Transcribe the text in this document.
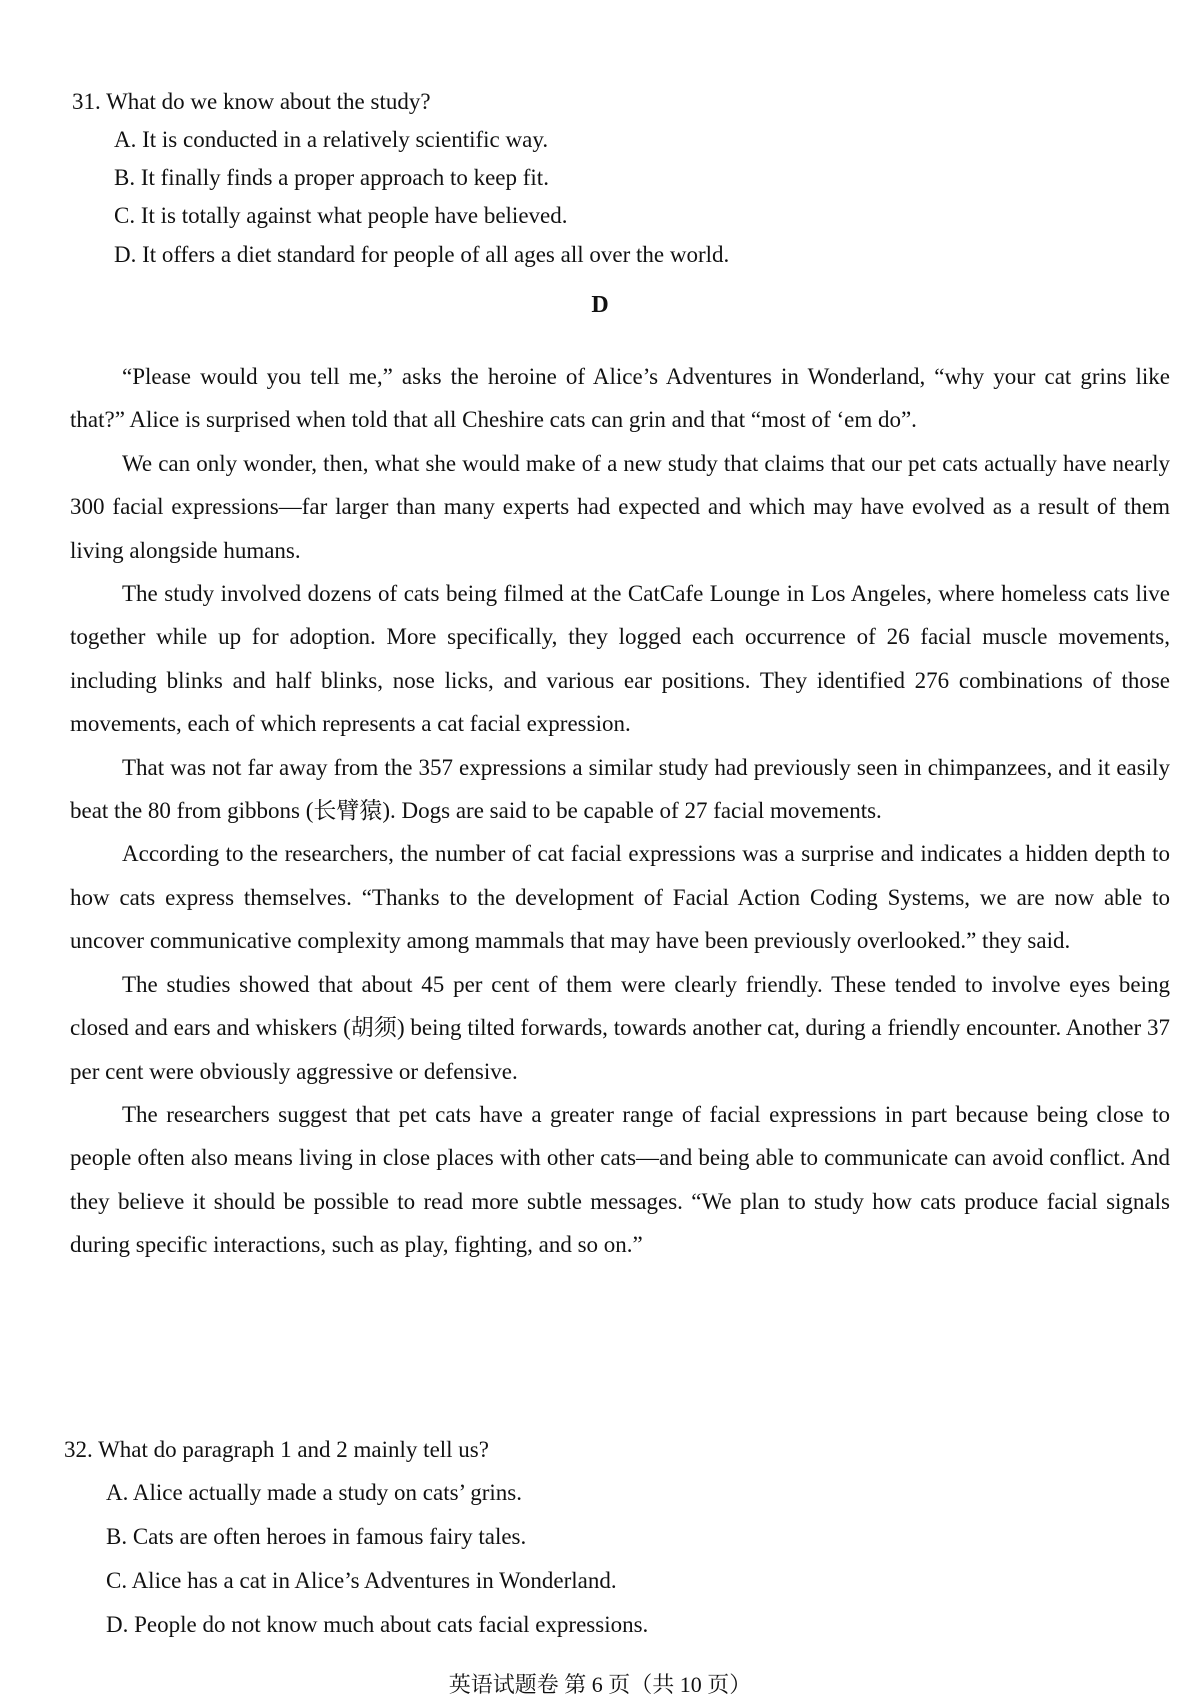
31. What do we know about the study?
A. It is conducted in a relatively scientific way.
B. It finally finds a proper approach to keep fit.
C. It is totally against what people have believed.
D. It offers a diet standard for people of all ages all over the world.
D

“Please would you tell me,” asks the heroine of Alice’s Adventures in Wonderland, “why your cat grins like that?” Alice is surprised when told that all Cheshire cats can grin and that “most of ‘em do”.

We can only wonder, then, what she would make of a new study that claims that our pet cats actually have nearly 300 facial expressions—far larger than many experts had expected and which may have evolved as a result of them living alongside humans.

The study involved dozens of cats being filmed at the CatCafe Lounge in Los Angeles, where homeless cats live together while up for adoption. More specifically, they logged each occurrence of 26 facial muscle movements, including blinks and half blinks, nose licks, and various ear positions. They identified 276 combinations of those movements, each of which represents a cat facial expression.

That was not far away from the 357 expressions a similar study had previously seen in chimpanzees, and it easily beat the 80 from gibbons (长臂猿). Dogs are said to be capable of 27 facial movements.

According to the researchers, the number of cat facial expressions was a surprise and indicates a hidden depth to how cats express themselves. “Thanks to the development of Facial Action Coding Systems, we are now able to uncover communicative complexity among mammals that may have been previously overlooked.” they said.

The studies showed that about 45 per cent of them were clearly friendly. These tended to involve eyes being closed and ears and whiskers (胡须) being tilted forwards, towards another cat, during a friendly encounter. Another 37 per cent were obviously aggressive or defensive.

The researchers suggest that pet cats have a greater range of facial expressions in part because being close to people often also means living in close places with other cats—and being able to communicate can avoid conflict. And they believe it should be possible to read more subtle messages. “We plan to study how cats produce facial signals during specific interactions, such as play, fighting, and so on.”

32. What do paragraph 1 and 2 mainly tell us?
A. Alice actually made a study on cats’ grins.
B. Cats are often heroes in famous fairy tales.
C. Alice has a cat in Alice’s Adventures in Wonderland.
D. People do not know much about cats facial expressions.
英语试题卷 第 6 页（共 10 页）
